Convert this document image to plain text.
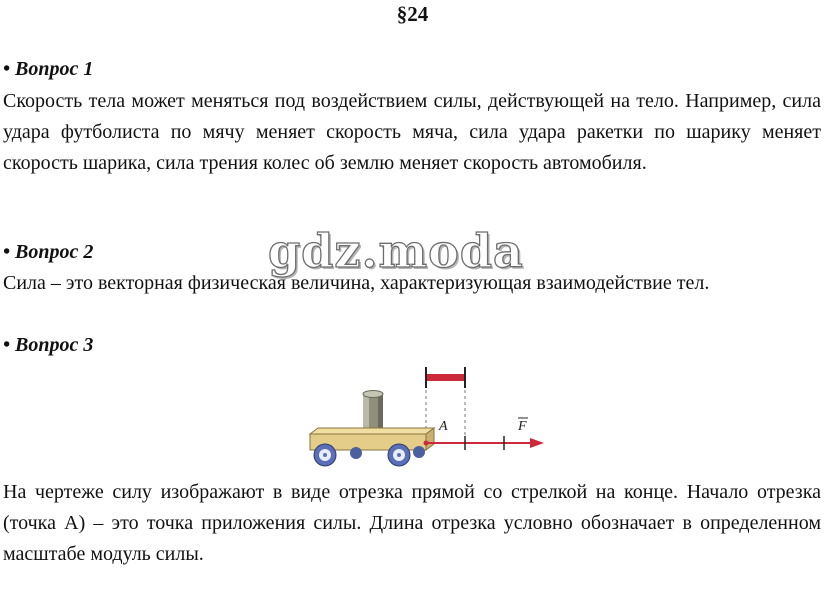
§24
• Вопрос 1
Скорость тела может меняться под воздействием силы, действующей на тело. Например, сила удара футболиста по мячу меняет скорость мяча, сила удара ракетки по шарику меняет скорость шарика, сила трения колес об землю меняет скорость автомобиля.
• Вопрос 2
Сила – это векторная физическая величина, характеризующая взаимодействие тел.
gdz.moda
• Вопрос 3
A	F
На чертеже силу изображают в виде отрезка прямой со стрелкой на конце. Начало отрезка (точка А) – это точка приложения силы. Длина отрезка условно обозначает в определенном масштабе модуль силы.
